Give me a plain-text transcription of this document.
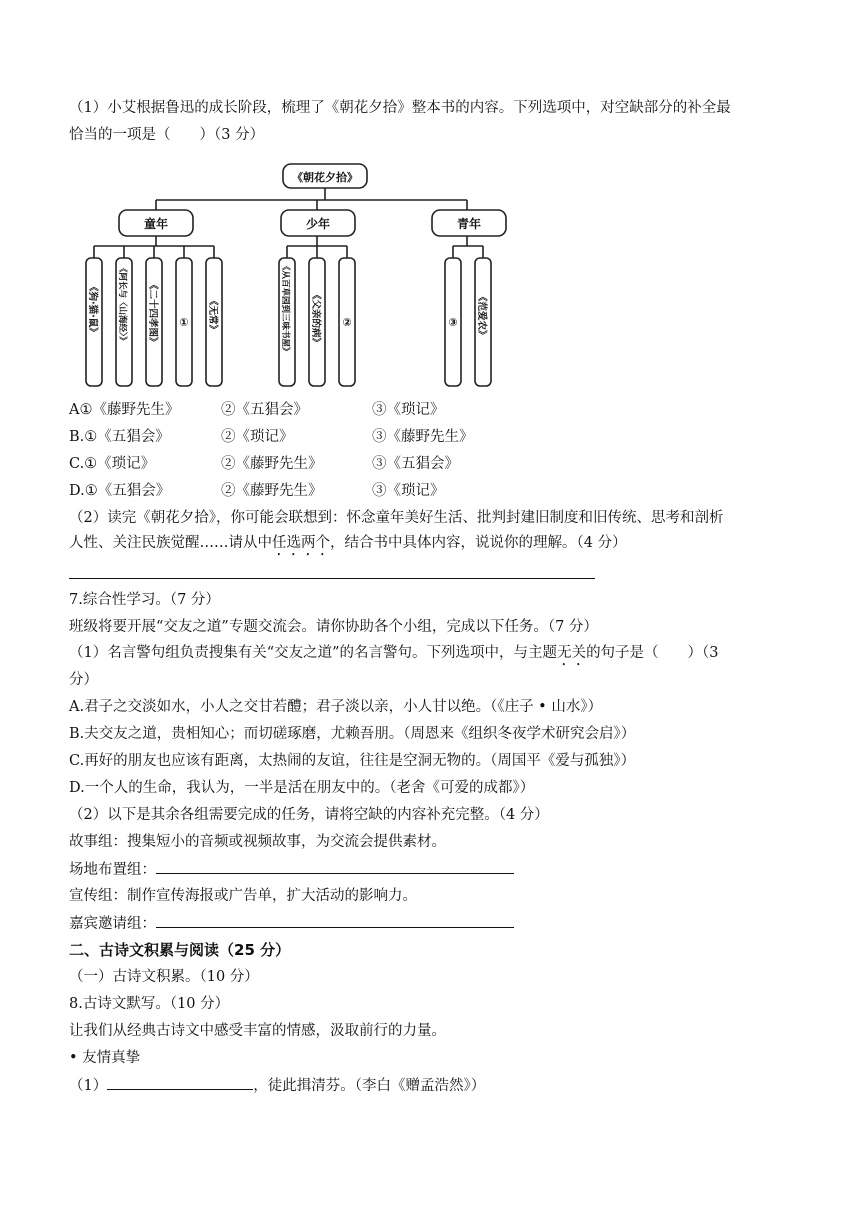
（1）小艾根据鲁迅的成长阶段，梳理了《朝花夕拾》整本书的内容。下列选项中，对空缺部分的补全最
恰当的一项是（　　）（3 分）
《朝花夕拾》
童年	少年	青年
《狗·猫·鼠》 《阿长与〈山海经〉》 《二十四孝图》 ① 《无常》	《从百草园到三味书屋》 《父亲的病》 ②	③ 《范爱农》
A①《藤野先生》	②《五猖会》	③《琐记》
B.①《五猖会》	②《琐记》	③《藤野先生》
C.①《琐记》	②《藤野先生》	③《五猖会》
D.①《五猖会》	②《藤野先生》	③《琐记》
（2）读完《朝花夕拾》，你可能会联想到：怀念童年美好生活、批判封建旧制度和旧传统、思考和剖析
人性、关注民族觉醒……请从中任选两个，结合书中具体内容，说说你的理解。（4 分）
7.综合性学习。（7 分）
班级将要开展“交友之道”专题交流会。请你协助各个小组，完成以下任务。（7 分）
（1）名言警句组负责搜集有关“交友之道”的名言警句。下列选项中，与主题无关的句子是（　　）（3
分）
A.君子之交淡如水，小人之交甘若醴；君子淡以亲，小人甘以绝。（《庄子 • 山水》）
B.夫交友之道，贵相知心；而切磋琢磨，尤赖吾朋。（周恩来《组织冬夜学术研究会启》）
C.再好的朋友也应该有距离，太热闹的友谊，往往是空洞无物的。（周国平《爱与孤独》）
D.一个人的生命，我认为，一半是活在朋友中的。（老舍《可爱的成都》）
（2）以下是其余各组需要完成的任务，请将空缺的内容补充完整。（4 分）
故事组：搜集短小的音频或视频故事，为交流会提供素材。
场地布置组：
宣传组：制作宣传海报或广告单，扩大活动的影响力。
嘉宾邀请组：
二、古诗文积累与阅读（25 分）
（一）古诗文积累。（10 分）
8.古诗文默写。（10 分）
让我们从经典古诗文中感受丰富的情感，汲取前行的力量。
• 友情真挚
（1）	，徒此揖清芬。（李白《赠孟浩然》）
